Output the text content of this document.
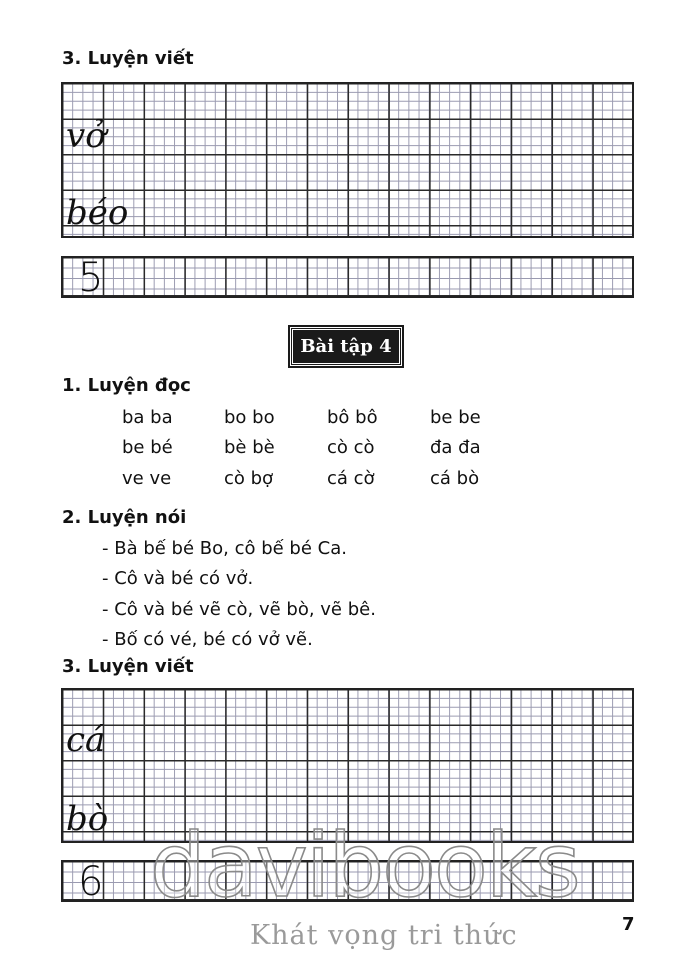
3. Luyện viết
vở
béo
5
Bài tập 4
1. Luyện đọc
ba ba	bo bo	bô bô	be be
be bé	bè bè	cò cò	đa đa
ve ve	cò bợ	cá cờ	cá bò
2. Luyện nói
- Bà bế bé Bo, cô bế bé Ca.
- Cô và bé có vở.
- Cô và bé vẽ cò, vẽ bò, vẽ bê.
- Bố có vé, bé có vở vẽ.
3. Luyện viết
cá
bò
6 davibooks
Khát vọng tri thức	7
